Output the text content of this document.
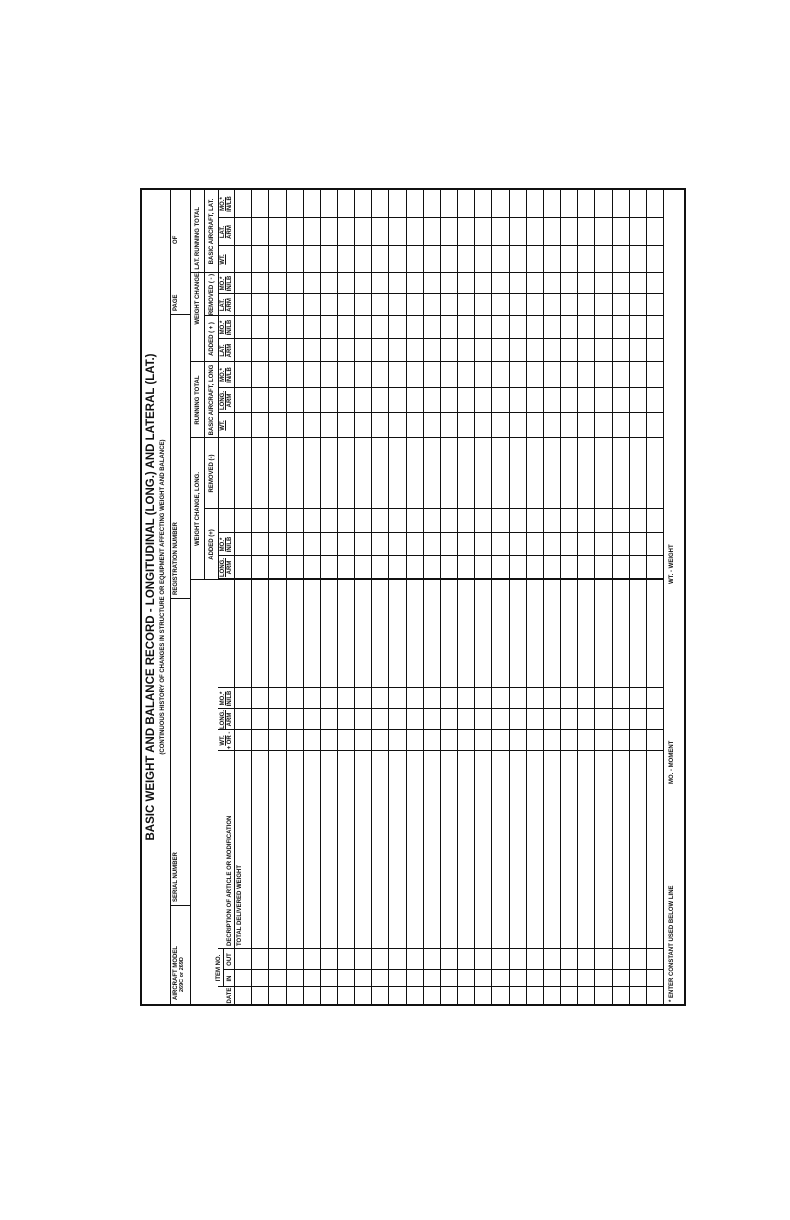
BASIC WEIGHT AND BALANCE RECORD - LONGITUDINAL (LONG.) AND LATERAL (LAT.) (CONTINUOUS HISTORY OF CHANGES IN STRUCTURE OR EQUIPMENT AFFECTING WEIGHT AND BALANCE)
AIRCRAFT MODEL 269C or 269D
SERIAL NUMBER
REGISTRATION NUMBER
PAGE
OF
WEIGHT CHANGE, LONG.
RUNNING TOTAL
WEIGHT CHANGE, LAT.
RUNNING TOTAL
ADDED (+)
REMOVED (-)
BASIC AIRCRAFT, LONG
ADDED ( + )
REMOVED ( - )
BASIC AIRCRAFT, LAT.
ITEM NO.
DATE
IN
OUT
DECRIPTION OF ARTICLE OR MODIFICATION
WT. + OR -
LONG. ARM
MO.* IN/LB
LONG. ARM
MO.* IN/LB
WT.
LONG. ARM
MO.* IN/LB
LAT. ARM
MO.* IN/LB
LAT. ARM
MO.* IN/LB
WT.
LAT. ARM
MO.* IN/LB
TOTAL DELIVERED WEIGHT	* ENTER CONSTANT USED BELOW LINE
MO. - MOMENT
WT. - WEIGHT
